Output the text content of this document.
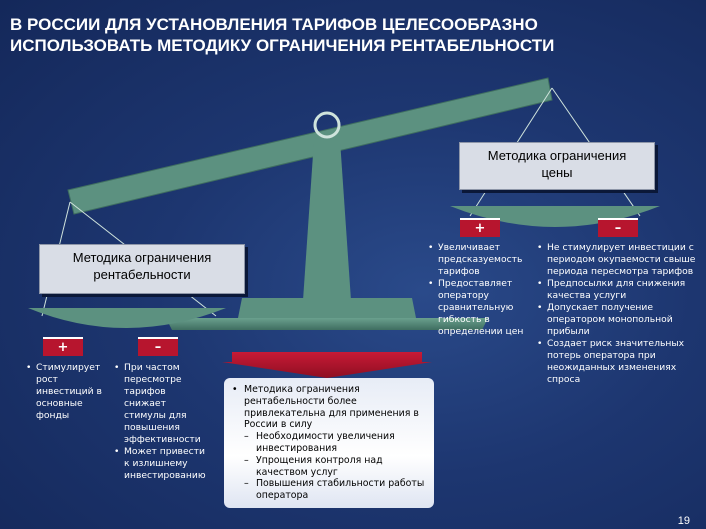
В РОССИИ ДЛЯ УСТАНОВЛЕНИЯ ТАРИФОВ ЦЕЛЕСООБРАЗНО
ИСПОЛЬЗОВАТЬ МЕТОДИКУ ОГРАНИЧЕНИЯ РЕНТАБЕЛЬНОСТИ
Методика ограничения
цены
+	–
• Увеличивает предсказуемость тарифов
• Предоставляет оператору сравнительную гибкость в определении цен
• Не стимулирует инвестиции с периодом окупаемости свыше периода пересмотра тарифов
• Предпосылки для снижения качества услуги
• Допускает получение оператором монопольной прибыли
• Создает риск значительных потерь оператора при неожиданных изменениях спроса
Методика ограничения
рентабельности
+	–
• Стимулирует рост инвестиций в основные фонды
• При частом пересмотре тарифов снижает стимулы для повышения эффективности
• Может привести к излишнему инвестированию
• Методика ограничения рентабельности более привлекательна для применения в России в силу
– Необходимости увеличения инвестирования
– Упрощения контроля над качеством услуг
– Повышения стабильности работы оператора
19
